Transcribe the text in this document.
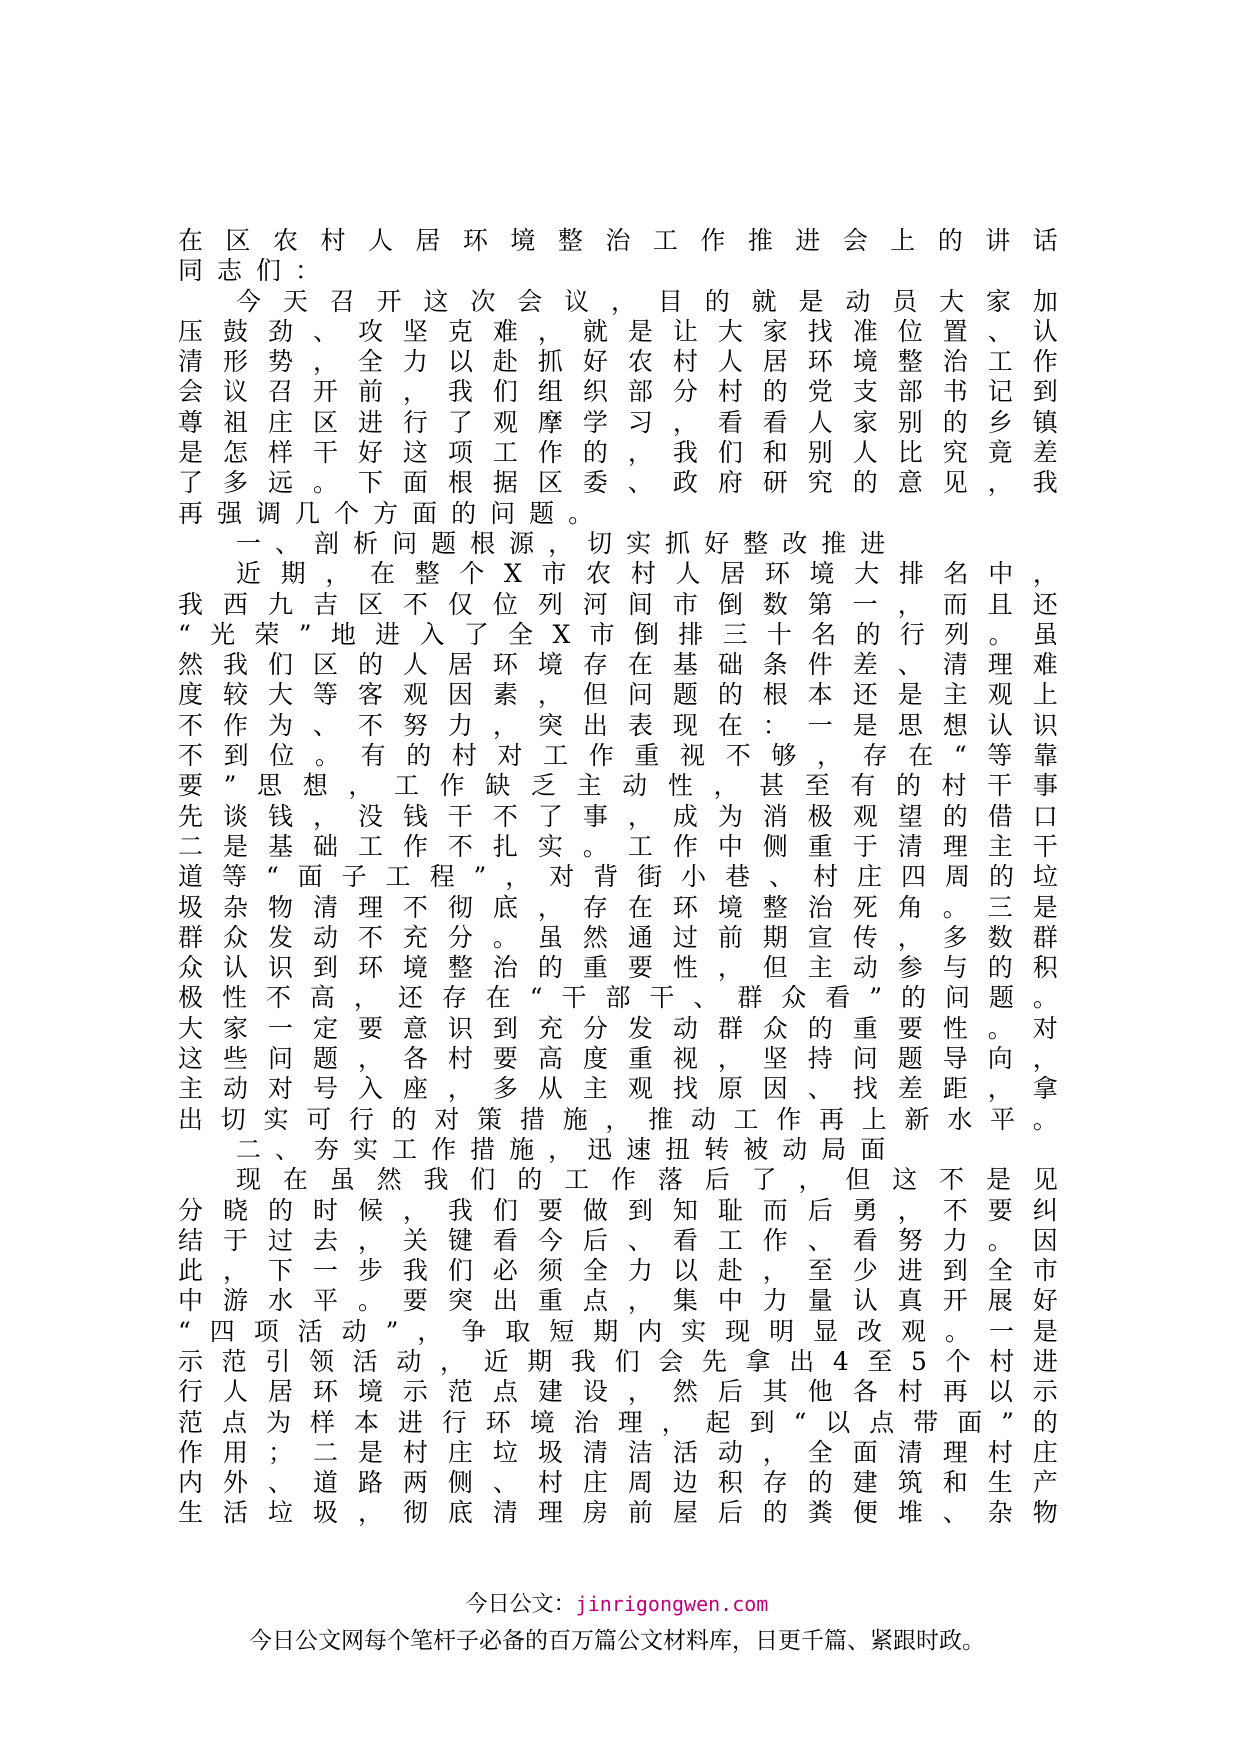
在 区 农 村 人 居 环 境 整 治 工 作 推 进 会 上 的 讲 话
同 志 们 ：
今 天 召 开 这 次 会 议 ， 目 的 就 是 动 员 大 家 加
压 鼓 劲 、 攻 坚 克 难 ， 就 是 让 大 家 找 准 位 置 、 认
清 形 势 ， 全 力 以 赴 抓 好 农 村 人 居 环 境 整 治 工 作
会 议 召 开 前 ， 我 们 组 织 部 分 村 的 党 支 部 书 记 到
尊 祖 庄 区 进 行 了 观 摩 学 习 ， 看 看 人 家 别 的 乡 镇
是 怎 样 干 好 这 项 工 作 的 ， 我 们 和 别 人 比 究 竟 差
了 多 远 。 下 面 根 据 区 委 、 政 府 研 究 的 意 见 ， 我
再 强 调 几 个 方 面 的 问 题 。
一 、 剖 析 问 题 根 源 ， 切 实 抓 好 整 改 推 进
近 期 ， 在 整 个 X 市 农 村 人 居 环 境 大 排 名 中 ，
我 西 九 吉 区 不 仅 位 列 河 间 市 倒 数 第 一 ， 而 且 还
“ 光 荣 ” 地 进 入 了 全 X 市 倒 排 三 十 名 的 行 列 。 虽
然 我 们 区 的 人 居 环 境 存 在 基 础 条 件 差 、 清 理 难
度 较 大 等 客 观 因 素 ， 但 问 题 的 根 本 还 是 主 观 上
不 作 为 、 不 努 力 ， 突 出 表 现 在 ： 一 是 思 想 认 识
不 到 位 。 有 的 村 对 工 作 重 视 不 够 ， 存 在 “ 等 靠
要 ” 思 想 ， 工 作 缺 乏 主 动 性 ， 甚 至 有 的 村 干 事
先 谈 钱 ， 没 钱 干 不 了 事 ， 成 为 消 极 观 望 的 借 口
二 是 基 础 工 作 不 扎 实 。 工 作 中 侧 重 于 清 理 主 干
道 等 “ 面 子 工 程 ” ， 对 背 街 小 巷 、 村 庄 四 周 的 垃
圾 杂 物 清 理 不 彻 底 ， 存 在 环 境 整 治 死 角 。 三 是
群 众 发 动 不 充 分 。 虽 然 通 过 前 期 宣 传 ， 多 数 群
众 认 识 到 环 境 整 治 的 重 要 性 ， 但 主 动 参 与 的 积
极 性 不 高 ， 还 存 在 “ 干 部 干 、 群 众 看 ” 的 问 题 。
大 家 一 定 要 意 识 到 充 分 发 动 群 众 的 重 要 性 。 对
这 些 问 题 ， 各 村 要 高 度 重 视 ， 坚 持 问 题 导 向 ，
主 动 对 号 入 座 ， 多 从 主 观 找 原 因 、 找 差 距 ， 拿
出 切 实 可 行 的 对 策 措 施 ， 推 动 工 作 再 上 新 水 平 。
二 、 夯 实 工 作 措 施 ， 迅 速 扭 转 被 动 局 面
现 在 虽 然 我 们 的 工 作 落 后 了 ， 但 这 不 是 见
分 晓 的 时 候 ， 我 们 要 做 到 知 耻 而 后 勇 ， 不 要 纠
结 于 过 去 ， 关 键 看 今 后 、 看 工 作 、 看 努 力 。 因
此 ， 下 一 步 我 们 必 须 全 力 以 赴 ， 至 少 进 到 全 市
中 游 水 平 。 要 突 出 重 点 ， 集 中 力 量 认 真 开 展 好
“ 四 项 活 动 ” ， 争 取 短 期 内 实 现 明 显 改 观 。 一 是
示 范 引 领 活 动 ， 近 期 我 们 会 先 拿 出 4 至 5 个 村 进
行 人 居 环 境 示 范 点 建 设 ， 然 后 其 他 各 村 再 以 示
范 点 为 样 本 进 行 环 境 治 理 ， 起 到 “ 以 点 带 面 ” 的
作 用 ； 二 是 村 庄 垃 圾 清 洁 活 动 ， 全 面 清 理 村 庄
内 外 、 道 路 两 侧 、 村 庄 周 边 积 存 的 建 筑 和 生 产
生 活 垃 圾 ， 彻 底 清 理 房 前 屋 后 的 粪 便 堆 、 杂 物
今日公文：jinrigongwen.com
今日公文网每个笔杆子必备的百万篇公文材料库，日更千篇、紧跟时政。
